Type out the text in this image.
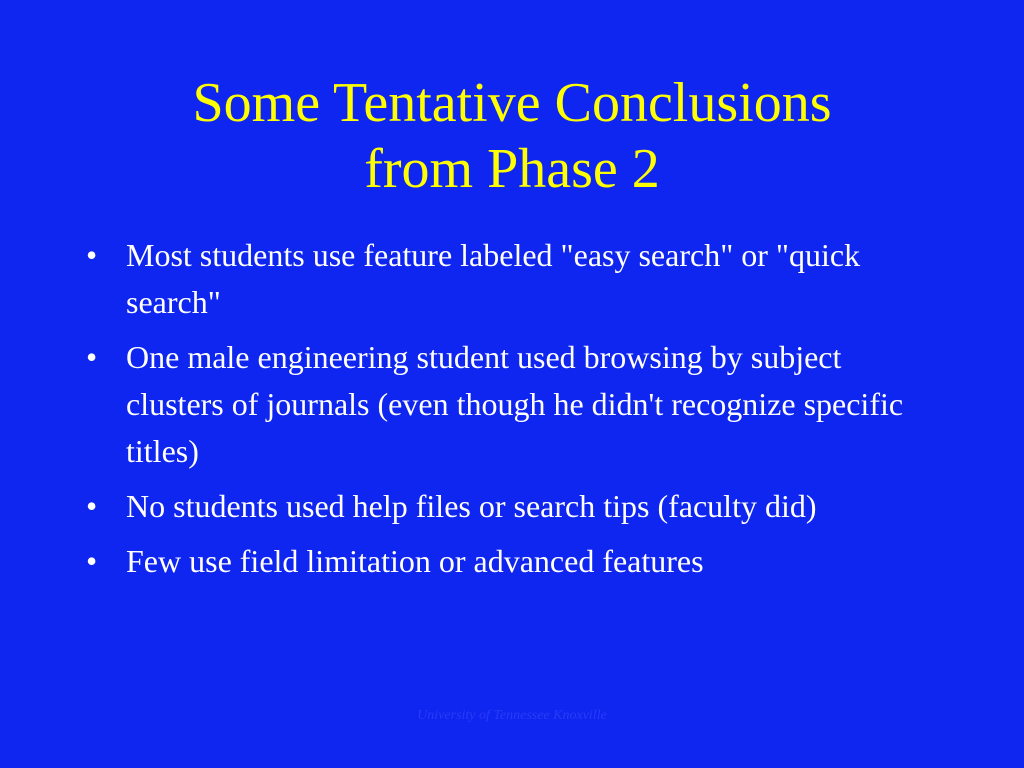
Some Tentative Conclusions
from Phase 2
• Most students use feature labeled "easy search" or "quick search"
• One male engineering student used browsing by subject clusters of journals (even though he didn't recognize specific titles)
• No students used help files or search tips (faculty did)
• Few use field limitation or advanced features
University of Tennessee Knoxville
